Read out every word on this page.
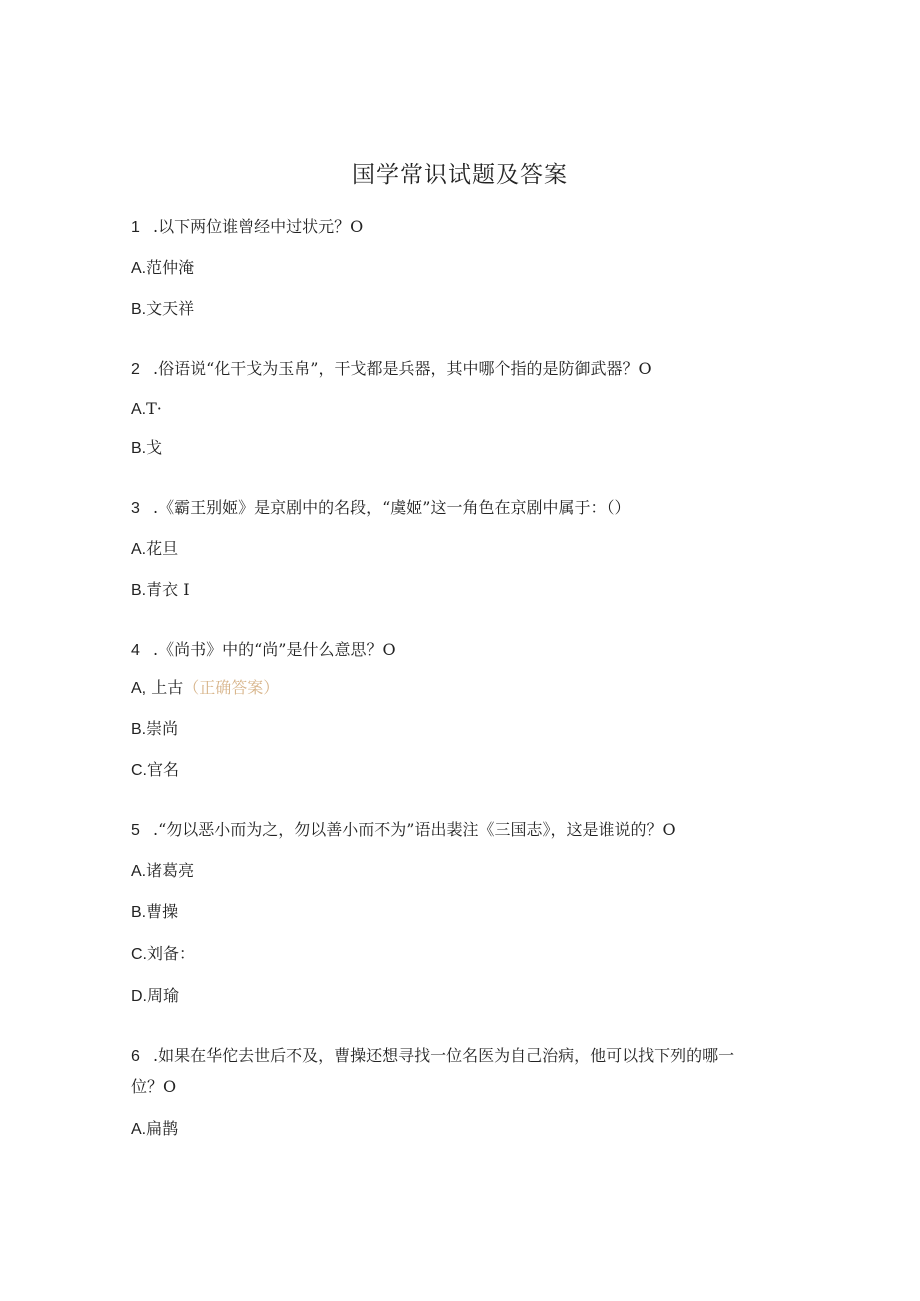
国学常识试题及答案
1 .以下两位谁曾经中过状元？O
A.范仲淹
B.文天祥
2 .俗语说“化干戈为玉帛”，干戈都是兵器，其中哪个指的是防御武器？O
A.T·
B.戈
3 .《霸王别姬》是京剧中的名段，“虞姬”这一角色在京剧中属于：（）
A.花旦
B.青衣 I
4 .《尚书》中的“尚”是什么意思？O
A, 上古（正确答案）
B.崇尚
C.官名
5 .“勿以恶小而为之，勿以善小而不为”语出裴注《三国志》，这是谁说的？O
A.诸葛亮
B.曹操
C.刘备：
D.周瑜
6 .如果在华佗去世后不及，曹操还想寻找一位名医为自己治病，他可以找下列的哪一
位？O
A.扁鹊
